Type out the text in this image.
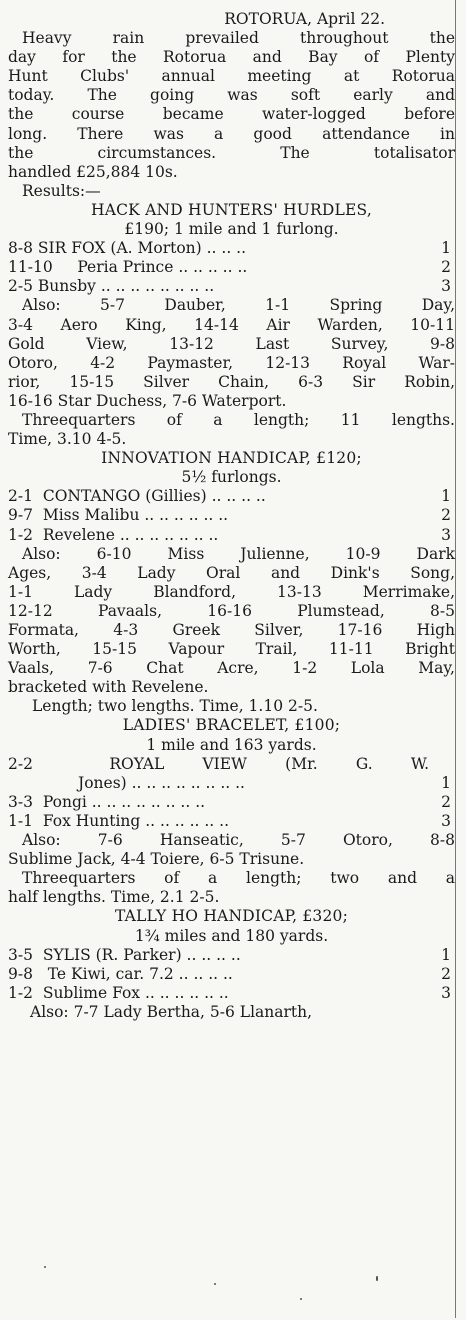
ROTORUA, April 22.
Heavy rain prevailed throughout the
day for the Rotorua and Bay of Plenty
Hunt Clubs' annual meeting at Rotorua
today. The going was soft early and
the course became water-logged before
long. There was a good attendance in
the circumstances. The totalisator
handled £25,884 10s.
Results:—
HACK AND HUNTERS' HURDLES,
£190; 1 mile and 1 furlong.
8-8 SIR FOX (A. Morton) .. .. ..	1
11-10 Peria Prince .. .. .. .. ..	2
2-5 Bunsby .. .. .. .. .. .. .. ..	3
Also: 5-7 Dauber, 1-1 Spring Day,
3-4 Aero King, 14-14 Air Warden, 10-11
Gold View, 13-12 Last Survey, 9-8
Otoro, 4-2 Paymaster, 12-13 Royal War-
rior, 15-15 Silver Chain, 6-3 Sir Robin,
16-16 Star Duchess, 7-6 Waterport.
Threequarters of a length; 11 lengths.
Time, 3.10 4-5.
INNOVATION HANDICAP, £120;
5½ furlongs.
2-1 CONTANGO (Gillies) .. .. .. ..	1
9-7 Miss Malibu .. .. .. .. .. ..	2
1-2 Revelene .. .. .. .. .. .. ..	3
Also: 6-10 Miss Julienne, 10-9 Dark
Ages, 3-4 Lady Oral and Dink's Song,
1-1 Lady Blandford, 13-13 Merrimake,
12-12 Pavaals, 16-16 Plumstead, 8-5
Formata, 4-3 Greek Silver, 17-16 High
Worth, 15-15 Vapour Trail, 11-11 Bright
Vaals, 7-6 Chat Acre, 1-2 Lola May,
bracketed with Revelene.
Length; two lengths. Time, 1.10 2-5.
LADIES' BRACELET, £100;
1 mile and 163 yards.
2-2	ROYAL VIEW (Mr. G. W.
Jones) .. .. .. .. .. .. .. ..	1
3-3 Pongi .. .. .. .. .. .. .. ..	2
1-1 Fox Hunting .. .. .. .. .. ..	3
Also: 7-6 Hanseatic, 5-7 Otoro, 8-8
Sublime Jack, 4-4 Toiere, 6-5 Trisune.
Threequarters of a length; two and a
half lengths. Time, 2.1 2-5.
TALLY HO HANDICAP, £320;
1¾ miles and 180 yards.
3-5 SYLIS (R. Parker) .. .. .. ..	1
9-8 Te Kiwi, car. 7.2 .. .. .. ..	2
1-2 Sublime Fox .. .. .. .. .. ..	3
Also: 7-7 Lady Bertha, 5-6 Llanarth,
